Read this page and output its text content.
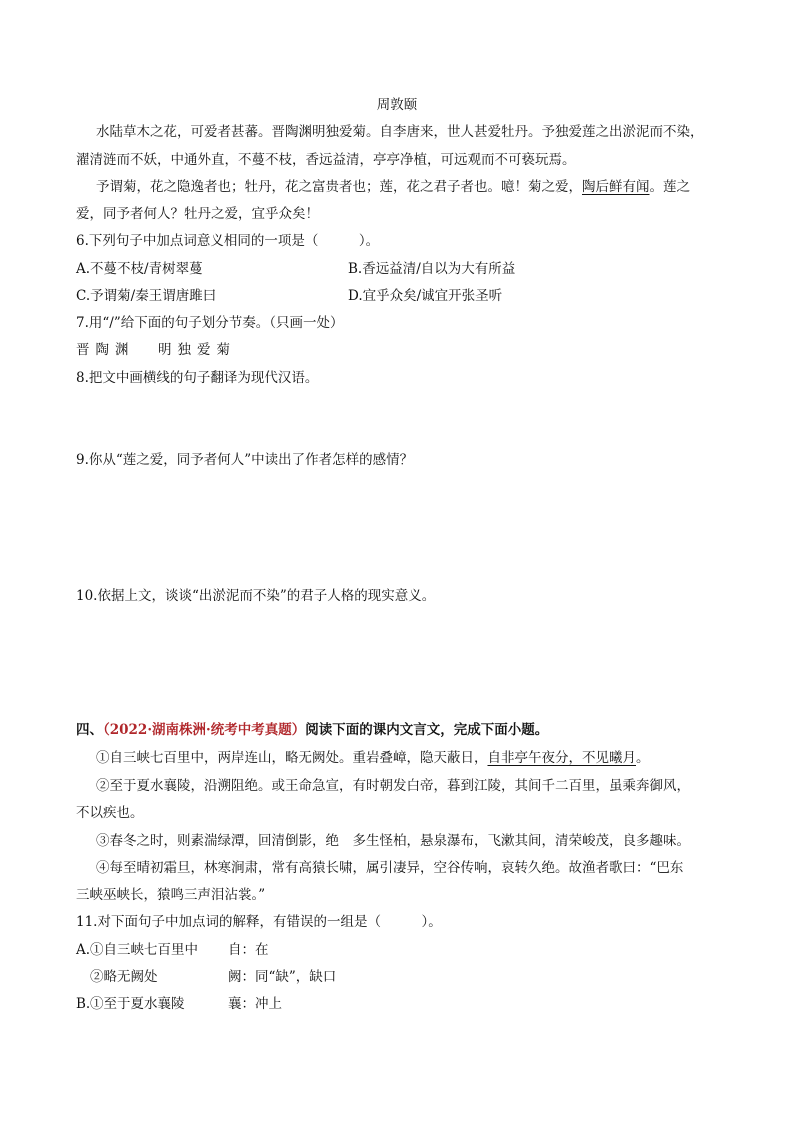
周敦颐
水陆草木之花，可爱者甚蕃。晋陶渊明独爱菊。自李唐来，世人甚爱牡丹。予独爱莲之出淤泥而不染，
濯清涟而不妖，中通外直，不蔓不枝，香远益清，亭亭净植，可远观而不可亵玩焉。
予谓菊，花之隐逸者也；牡丹，花之富贵者也；莲，花之君子者也。噫！菊之爱，陶后鲜有闻。莲之
爱，同予者何人？牡丹之爱，宜乎众矣！
6.下列句子中加点词意义相同的一项是（　　　）。
A.不蔓不枝/青树翠蔓	B.香远益清/自以为大有所益
C.予谓菊/秦王谓唐雎曰	D.宜乎众矣/诚宜开张圣听
7.用“/”给下面的句子划分节奏。（只画一处）
晋陶渊 明独爱菊
8.把文中画横线的句子翻译为现代汉语。
9.你从“莲之爱，同予者何人”中读出了作者怎样的感情？
10.依据上文，谈谈“出淤泥而不染”的君子人格的现实意义。
四、（2022·湖南株洲·统考中考真题）阅读下面的课内文言文，完成下面小题。
①自三峡七百里中，两岸连山，略无阙处。重岩叠嶂，隐天蔽日，自非亭午夜分，不见曦月。
②至于夏水襄陵，沿溯阻绝。或王命急宣，有时朝发白帝，暮到江陵，其间千二百里，虽乘奔御风，
不以疾也。
③春冬之时，则素湍绿潭，回清倒影，绝　多生怪柏，悬泉瀑布，飞漱其间，清荣峻茂，良多趣味。
④每至晴初霜旦，林寒涧肃，常有高猿长啸，属引凄异，空谷传响，哀转久绝。故渔者歌曰：“巴东
三峡巫峡长，猿鸣三声泪沾裳。”
11.对下面句子中加点词的解释，有错误的一组是（　　　）。
A. ①自三峡七百里中 自：在
②略无阙处	阙：同“缺”，缺口
B. ①至于夏水襄陵	襄：冲上
